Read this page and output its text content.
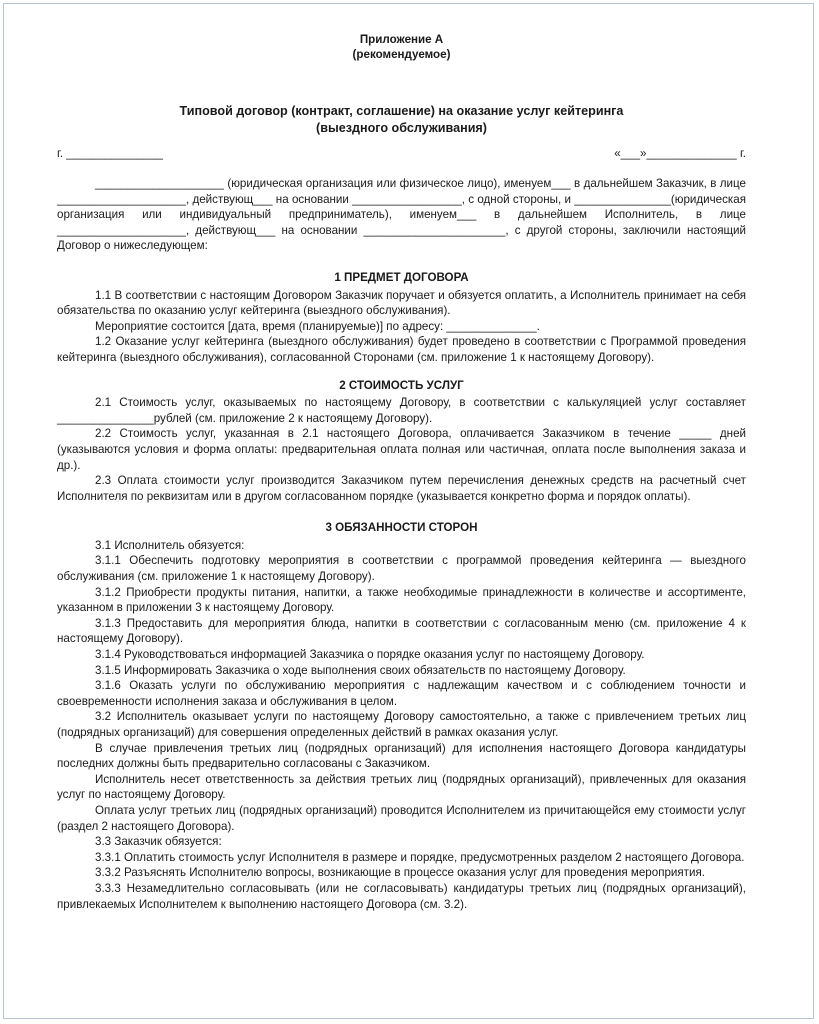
Приложение А
(рекомендуемое)
Типовой договор (контракт, соглашение) на оказание услуг кейтеринга
(выездного обслуживания)
г. _______________	«___»______________ г.

____________________ (юридическая организация или физическое лицо), именуем___ в дальнейшем Заказчик, в лице ____________________, действующ___ на основании _________________, с одной стороны, и _______________(юридическая организация или индивидуальный предприниматель), именуем___ в дальнейшем Исполнитель, в лице ____________________, действующ___ на основании ______________________, с другой стороны, заключили настоящий Договор о нижеследующем:

1 ПРЕДМЕТ ДОГОВОРА

1.1 В соответствии с настоящим Договором Заказчик поручает и обязуется оплатить, а Исполнитель принимает на себя обязательства по оказанию услуг кейтеринга (выездного обслуживания).

Мероприятие состоится [дата, время (планируемые)] по адресу: ______________.

1.2 Оказание услуг кейтеринга (выездного обслуживания) будет проведено в соответствии с Программой проведения кейтеринга (выездного обслуживания), согласованной Сторонами (см. приложение 1 к настоящему Договору).

2 СТОИМОСТЬ УСЛУГ

2.1 Стоимость услуг, оказываемых по настоящему Договору, в соответствии с калькуляцией услуг составляет _______________рублей (см. приложение 2 к настоящему Договору).

2.2 Стоимость услуг, указанная в 2.1 настоящего Договора, оплачивается Заказчиком в течение _____ дней (указываются условия и форма оплаты: предварительная оплата полная или частичная, оплата после выполнения заказа и др.).

2.3 Оплата стоимости услуг производится Заказчиком путем перечисления денежных средств на расчетный счет Исполнителя по реквизитам или в другом согласованном порядке (указывается конкретно форма и порядок оплаты).

3 ОБЯЗАННОСТИ СТОРОН

3.1 Исполнитель обязуется:

3.1.1 Обеспечить подготовку мероприятия в соответствии с программой проведения кейтеринга — выездного обслуживания (см. приложение 1 к настоящему Договору).

3.1.2 Приобрести продукты питания, напитки, а также необходимые принадлежности в количестве и ассортименте, указанном в приложении 3 к настоящему Договору.

3.1.3 Предоставить для мероприятия блюда, напитки в соответствии с согласованным меню (см. приложение 4 к настоящему Договору).

3.1.4 Руководствоваться информацией Заказчика о порядке оказания услуг по настоящему Договору.

3.1.5 Информировать Заказчика о ходе выполнения своих обязательств по настоящему Договору.

3.1.6 Оказать услуги по обслуживанию мероприятия с надлежащим качеством и с соблюдением точности и своевременности исполнения заказа и обслуживания в целом.

3.2 Исполнитель оказывает услуги по настоящему Договору самостоятельно, а также с привлечением третьих лиц (подрядных организаций) для совершения определенных действий в рамках оказания услуг.

В случае привлечения третьих лиц (подрядных организаций) для исполнения настоящего Договора кандидатуры последних должны быть предварительно согласованы с Заказчиком.

Исполнитель несет ответственность за действия третьих лиц (подрядных организаций), привлеченных для оказания услуг по настоящему Договору.

Оплата услуг третьих лиц (подрядных организаций) проводится Исполнителем из причитающейся ему стоимости услуг (раздел 2 настоящего Договора).

3.3 Заказчик обязуется:

3.3.1 Оплатить стоимость услуг Исполнителя в размере и порядке, предусмотренных разделом 2 настоящего Договора.

3.3.2 Разъяснять Исполнителю вопросы, возникающие в процессе оказания услуг для проведения мероприятия.

3.3.3 Незамедлительно согласовывать (или не согласовывать) кандидатуры третьих лиц (подрядных организаций), привлекаемых Исполнителем к выполнению настоящего Договора (см. 3.2).
